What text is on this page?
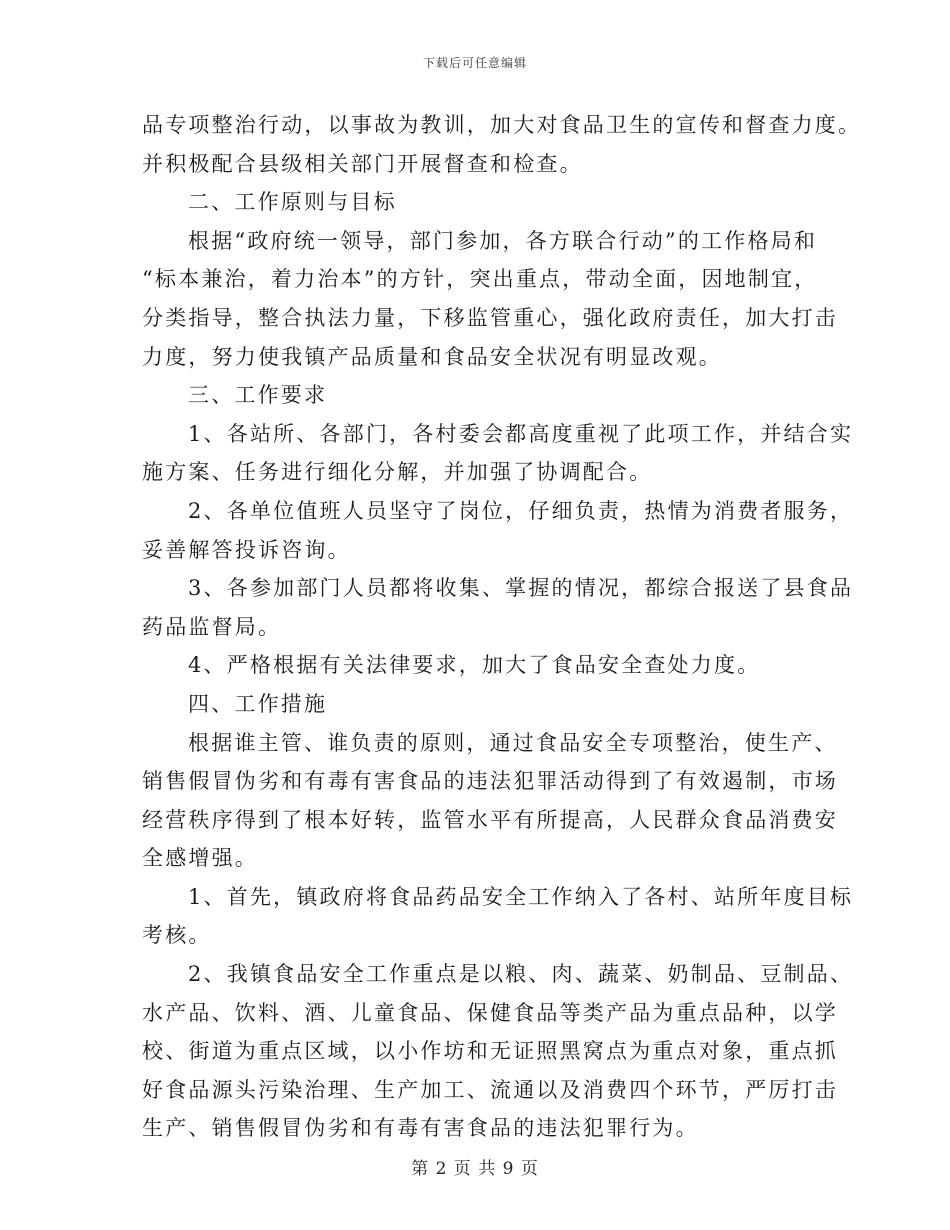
下载后可任意编辑
品专项整治行动，以事故为教训，加大对食品卫生的宣传和督查力度。
并积极配合县级相关部门开展督查和检查。
二、工作原则与目标
根据“政府统一领导，部门参加，各方联合行动”的工作格局和
“标本兼治，着力治本”的方针，突出重点，带动全面，因地制宜，
分类指导，整合执法力量，下移监管重心，强化政府责任，加大打击
力度，努力使我镇产品质量和食品安全状况有明显改观。
三、工作要求
1、各站所、各部门，各村委会都高度重视了此项工作，并结合实
施方案、任务进行细化分解，并加强了协调配合。
2、各单位值班人员坚守了岗位，仔细负责，热情为消费者服务，
妥善解答投诉咨询。
3、各参加部门人员都将收集、掌握的情况，都综合报送了县食品
药品监督局。
4、严格根据有关法律要求，加大了食品安全查处力度。
四、工作措施
根据谁主管、谁负责的原则，通过食品安全专项整治，使生产、
销售假冒伪劣和有毒有害食品的违法犯罪活动得到了有效遏制，市场
经营秩序得到了根本好转，监管水平有所提高，人民群众食品消费安
全感增强。
1、首先，镇政府将食品药品安全工作纳入了各村、站所年度目标
考核。
2、我镇食品安全工作重点是以粮、肉、蔬菜、奶制品、豆制品、
水产品、饮料、酒、儿童食品、保健食品等类产品为重点品种，以学
校、街道为重点区域，以小作坊和无证照黑窝点为重点对象，重点抓
好食品源头污染治理、生产加工、流通以及消费四个环节，严厉打击
生产、销售假冒伪劣和有毒有害食品的违法犯罪行为。
第 2 页 共 9 页
